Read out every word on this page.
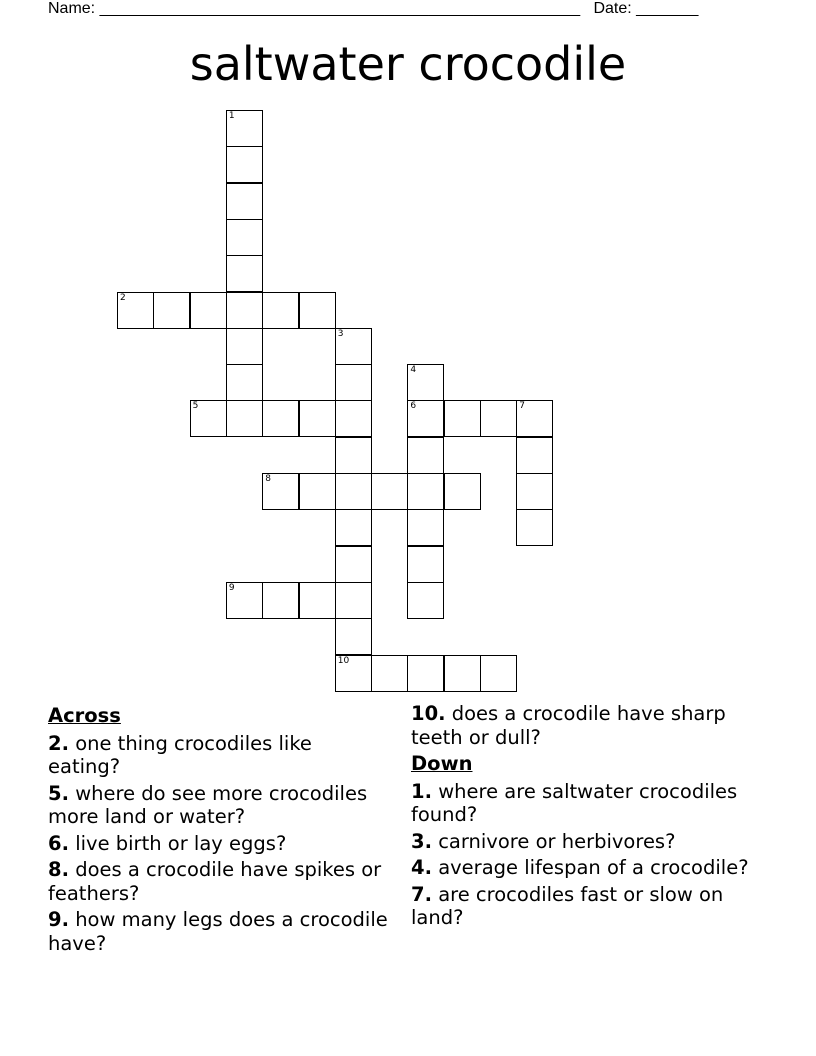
Name: ______________________________________________________ Date: _______
saltwater crocodile
1
2
3
4
6
5	7
8
9
10
Across
2. one thing crocodiles like eating?
5. where do see more crocodiles more land or water?
6. live birth or lay eggs?
8. does a crocodile have spikes or feathers?
9. how many legs does a crocodile have?
10. does a crocodile have sharp teeth or dull?
Down
1. where are saltwater crocodiles found?
3. carnivore or herbivores?
4. average lifespan of a crocodile?
7. are crocodiles fast or slow on land?
